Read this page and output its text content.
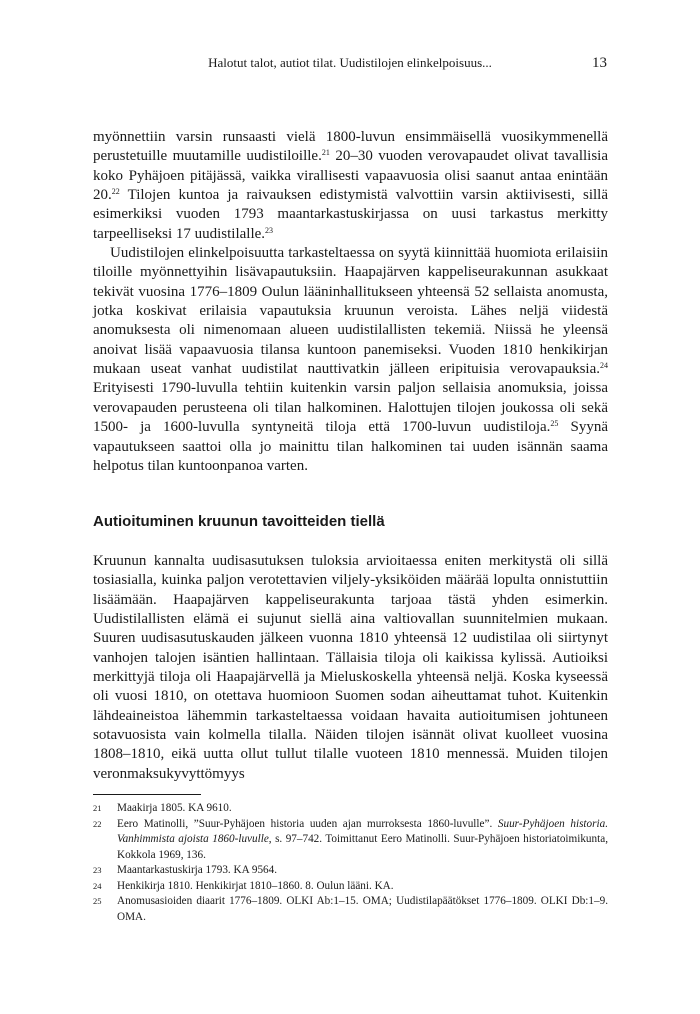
Halotut talot, autiot tilat. Uudistilojen elinkelpoisuus...	13

myönnettiin varsin runsaasti vielä 1800-luvun ensimmäisellä vuosikymmenellä perustetuille muutamille uudistiloille.$^{21}$ 20–30 vuoden verovapaudet olivat tavallisia koko Pyhäjoen pitäjässä, vaikka virallisesti vapaavuosia olisi saanut antaa enintään 20.22 Tilojen kuntoa ja raivauksen edistymistä valvottiin varsin aktiivisesti, sillä esimerkiksi vuoden 1793 maantarkastuskirjassa on uusi tarkastus merkitty tarpeelliseksi 17 uudistilalle.$^{23}$

Uudistilojen elinkelpoisuutta tarkasteltaessa on syytä kiinnittää huomiota erilaisiin tiloille myönnettyihin lisävapautuksiin. Haapajärven kappeliseurakunnan asukkaat tekivät vuosina 1776–1809 Oulun lääninhallitukseen yhteensä 52 sellaista anomusta, jotka koskivat erilaisia vapautuksia kruunun veroista. Lähes neljä viidestä anomuksesta oli nimenomaan alueen uudistilallisten tekemiä. Niissä he yleensä anoivat lisää vapaavuosia tilansa kuntoon panemiseksi. Vuoden 1810 henkikirjan mukaan useat vanhat uudistilat nauttivatkin jälleen eripituisia verovapauksia.$^{24}$ Erityisesti 1790-luvulla tehtiin kuitenkin varsin paljon sellaisia anomuksia, joissa verovapauden perusteena oli tilan halkominen. Halottujen tilojen joukossa oli sekä 1500- ja 1600-luvulla syntyneitä tiloja että 1700-luvun uudistiloja.$^{25}$ Syynä vapautukseen saattoi olla jo mainittu tilan halkominen tai uuden isännän saama helpotus tilan kuntoonpanoa varten.

Autioituminen kruunun tavoitteiden tiellä

Kruunun kannalta uudisasutuksen tuloksia arvioitaessa eniten merkitystä oli sillä tosiasialla, kuinka paljon verotettavien viljely-yksiköiden määrää lopulta onnistuttiin lisäämään. Haapajärven kappeliseurakunta tarjoaa tästä yhden esimerkin. Uudistilallisten elämä ei sujunut siellä aina valtiovallan suunnitelmien mukaan. Suuren uudisasutuskauden jälkeen vuonna 1810 yhteensä 12 uudistilaa oli siirtynyt vanhojen talojen isäntien hallintaan. Tällaisia tiloja oli kaikissa kylissä. Autioiksi merkittyjä tiloja oli Haapajärvellä ja Mieluskoskella yhteensä neljä. Koska kyseessä oli vuosi 1810, on otettava huomioon Suomen sodan aiheuttamat tuhot. Kuitenkin lähdeaineistoa lähemmin tarkasteltaessa voidaan havaita autioitumisen johtuneen sotavuosista vain kolmella tilalla. Näiden tilojen isännät olivat kuolleet vuosina 1808–1810, eikä uutta ollut tullut tilalle vuoteen 1810 mennessä. Muiden tilojen veronmaksukyvyttömyys

21	Maakirja 1805. KA 9610.
22	Eero Matinolli, ”Suur-Pyhäjoen historia uuden ajan murroksesta 1860-luvulle”. Suur-Pyhäjoen historia. Vanhimmista ajoista 1860-luvulle, s. 97–742. Toimittanut Eero Matinolli. Suur-Pyhäjoen historiatoimikunta, Kokkola 1969, 136.
23	Maantarkastuskirja 1793. KA 9564.
24	Henkikirja 1810. Henkikirjat 1810–1860. 8. Oulun lääni. KA.
25	Anomusasioiden diaarit 1776–1809. OLKI Ab:1–15. OMA; Uudistilapäätökset 1776–1809. OLKI Db:1–9. OMA.
